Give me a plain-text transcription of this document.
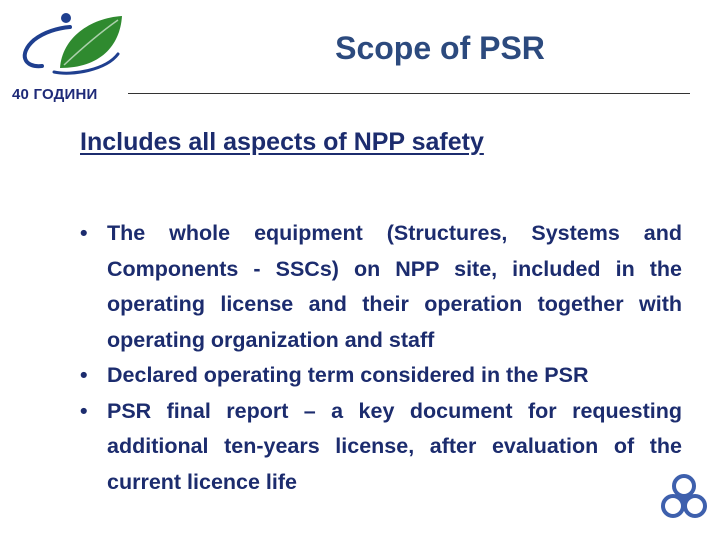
40 ГОДИНИ
Scope of PSR
Includes all aspects of NPP safety
• The whole equipment (Structures, Systems and Components - SSCs) on NPP site, included in the operating license and their operation together with operating organization and staff
• Declared operating term considered in the PSR
• PSR final report – a key document for requesting additional ten-years license, after evaluation of the current licence life
